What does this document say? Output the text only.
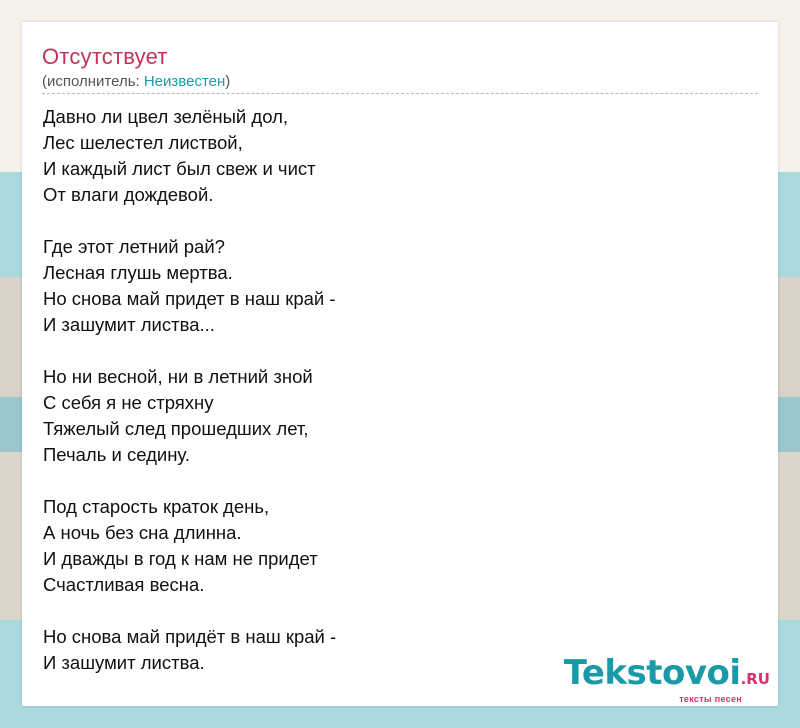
Отсутствует
(исполнитель: Неизвестен)
Давно ли цвел зелёный дол,
Лес шелестел листвой,
И каждый лист был свеж и чист
От влаги дождевой.
Где этот летний рай?
Лесная глушь мертва.
Но снова май придет в наш край -
И зашумит листва...
Но ни весной, ни в летний зной
С себя я не стряхну
Тяжелый след прошедших лет,
Печаль и седину.
Под старость краток день,
А ночь без сна длинна.
И дважды в год к нам не придет
Счастливая весна.
Но снова май придёт в наш край -
И зашумит листва.	Tekstovoi.RU
тексты песен
